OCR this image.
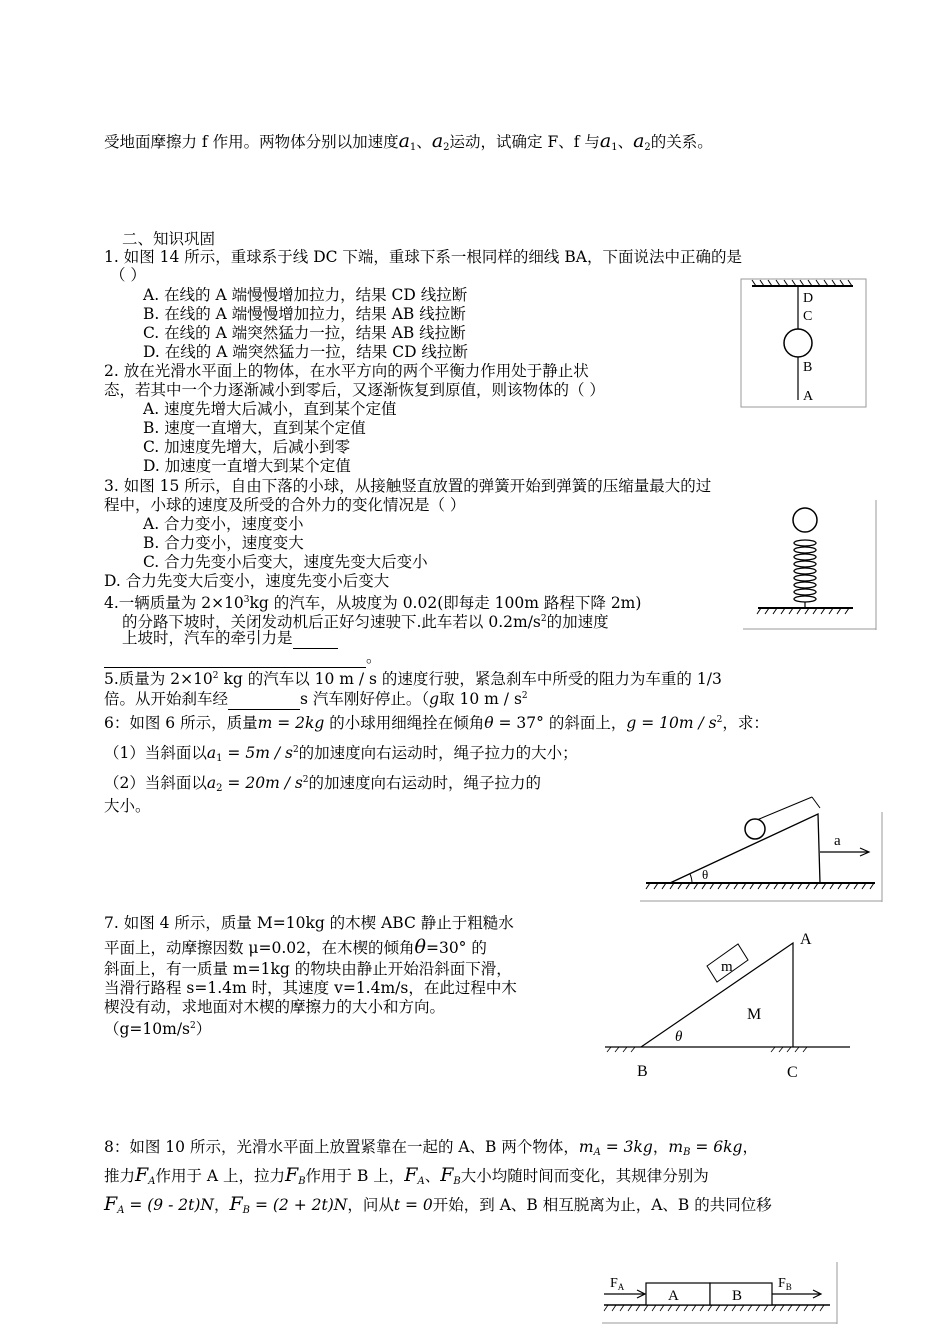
受地面摩擦力 f 作用。两物体分别以加速度$a_1$、$a_2$运动，试确定 F、f 与$a_1$、$a_2$的关系。
二、知识巩固
1. 如图 14 所示，重球系于线 DC 下端，重球下系一根同样的细线 BA，下面说法中正确的是
（ ）
A. 在线的 A 端慢慢增加拉力，结果 CD 线拉断
B. 在线的 A 端慢慢增加拉力，结果 AB 线拉断
C. 在线的 A 端突然猛力一拉，结果 AB 线拉断
D. 在线的 A 端突然猛力一拉，结果 CD 线拉断
D
C
B
A
2. 放在光滑水平面上的物体，在水平方向的两个平衡力作用处于静止状
态，若其中一个力逐渐减小到零后，又逐渐恢复到原值，则该物体的（ ）
A. 速度先增大后减小，直到某个定值
B. 速度一直增大，直到某个定值
C. 加速度先增大，后减小到零
D. 加速度一直增大到某个定值
3. 如图 15 所示，自由下落的小球，从接触竖直放置的弹簧开始到弹簧的压缩量最大的过
程中，小球的速度及所受的合外力的变化情况是（ ）
A. 合力变小，速度变小
B. 合力变小，速度变大
C. 合力先变小后变大，速度先变大后变小
D. 合力先变大后变小，速度先变小后变大
4.一辆质量为 $2\times 10^3kg$ 的汽车，从坡度为 0.02(即每走 100m 路程下降 2m)
的分路下坡时，关闭发动机后正好匀速驶下.此车若以 $0.2m/s^2$的加速度
上坡时，汽车的牵引力是
。
5.质量为 $2\times 10^2$ kg 的汽车以 10 m / s 的速度行驶，紧急刹车中所受的阻力为车重的 1/3
倍。从开始刹车经	s 汽车刚好停止。（g取 10 m / $s^2$
6：如图 6 所示，质量m = 2kg 的小球用细绳拴在倾角θ = 37° 的斜面上，$g = 10m / s^2$，求：
（1）当斜面以$a_1 = 5m / s^2$的加速度向右运动时，绳子拉力的大小；
（2）当斜面以$a_2 = 20m / s^2$的加速度向右运动时，绳子拉力的
大小。
θ
a
7. 如图 4 所示，质量 M=10kg 的木楔 ABC 静止于粗糙水
平面上，动摩擦因数 μ=0.02，在木楔的倾角θ=30° 的
斜面上，有一质量 m=1kg 的物块由静止开始沿斜面下滑，
当滑行路程 s=1.4m 时，其速度 v=1.4m/s，在此过程中木
楔没有动，求地面对木楔的摩擦力的大小和方向。
$(g=10m/s^2)$
m
M
θ
A
B	C
8：如图 10 所示，光滑水平面上放置紧靠在一起的 A、B 两个物体，$m_A = 3kg$，$m_B = 6kg$，
推力$F_A$作用于 A 上，拉力$F_B$作用于 B 上，$F_A$、$F_B$大小均随时间而变化，其规律分别为
$F_A = (9 - 2t)N$，$F_B = (2 + 2t)N$，问从t = 0开始，到 A、B 相互脱离为止，A、B 的共同位移
A	B
$F_A$	$F_B$
